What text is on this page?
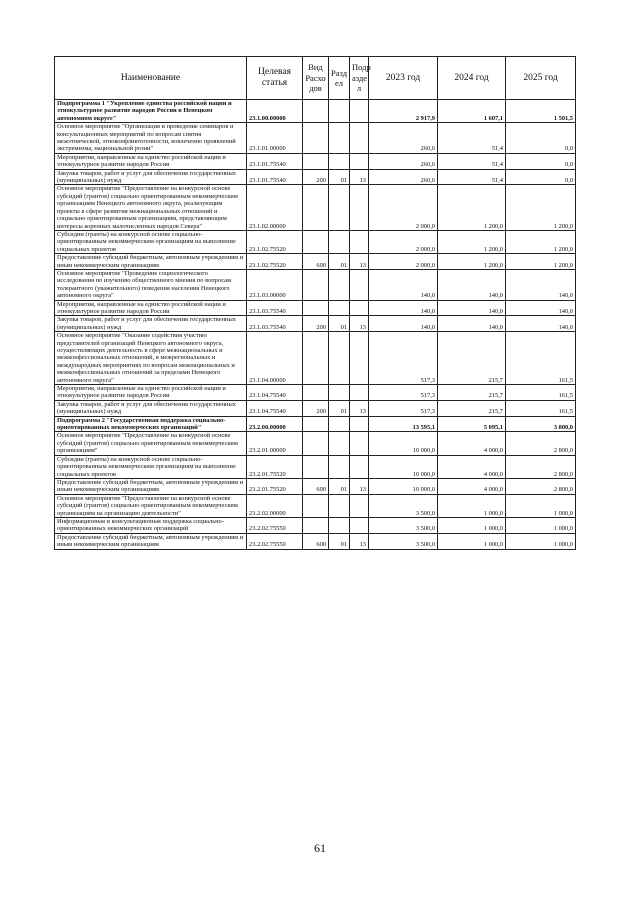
Наименование	Целевая статья	Вид Расхо дов	Разд ел	Подр азде л	2023 год	2024 год	2025 год
Подпрограмма 1 "Укрепление единства российской нации и этнокультурное развитие народов России в Ненецком автономном округе"	23.1.00.00000				2 917,9	1 607,1	1 501,5
Основное мероприятие "Организация и проведение семинаров и консультационных мероприятий по вопросам снятия межэтнической, этноконфликтогенности, вовлеченно проявлений экстремизма, национальной розни"	23.1.01.00000				260,6	51,4	0,0
Мероприятия, направленные на единство российской нации и этнокультурное развитие народов России	23.1.01.75540				260,6	51,4	0,0
Закупка товаров, работ и услуг для обеспечения государственных (муниципальных) нужд	23.1.01.75540	200	01	13	260,6	51,4	0,0
Основное мероприятие "Предоставление на конкурсной основе субсидий (грантов) социально ориентированным некоммерческим организациям Ненецкого автономного округа, реализующим проекты в сфере развития межнациональных отношений и социально ориентированным организациям, представляющим интересы коренных малочисленных народов Севера"	23.1.02.00000				2 000,0	1 200,0	1 200,0
Субсидии (гранты) на конкурсной основе социально-ориентированным некоммерческим организациям на выполнение социальных проектов	23.1.02.75520				2 000,0	1 200,0	1 200,0
Предоставление субсидий бюджетным, автономным учреждениям и иным некоммерческим организациям	23.1.02.75520	600	01	13	2 000,0	1 200,0	1 200,0
Основное мероприятие "Проведение социологического исследования по изучению общественного мнения по вопросам толерантного (уважительного) поведения населения Ненецкого автономного округа"	23.1.03.00000				140,0	140,0	140,0
Мероприятия, направленные на единство российской нации и этнокультурное развитие народов России	23.1.03.75540				140,0	140,0	140,0
Закупка товаров, работ и услуг для обеспечения государственных (муниципальных) нужд	23.1.03.75540	200	01	13	140,0	140,0	140,0
Основное мероприятие "Оказание содействия участию представителей организаций Ненецкого автономного округа, осуществляющих деятельность в сфере межнациональных и межконфессиональных отношений, в межрегиональных и международных мероприятиях по вопросам межнациональных и межконфессиональных отношений за пределами Ненецкого автономного округа"	23.1.04.00000				517,3	215,7	161,5
Мероприятия, направленные на единство российской нации и этнокультурное развитие народов России	23.1.04.75540				517,3	215,7	161,5
Закупка товаров, работ и услуг для обеспечения государственных (муниципальных) нужд	23.1.04.75540	200	01	13	517,3	215,7	161,5
Подпрограмма 2 "Государственная поддержка социально-ориентированных некоммерческих организаций"	23.2.00.00000				13 595,1	5 095,1	3 800,0
Основное мероприятие "Предоставление на конкурсной основе субсидий (грантов) социально ориентированным некоммерческим организациям"	23.2.01.00000				10 000,0	4 000,0	2 800,0
Субсидии (гранты) на конкурсной основе социально-ориентированным некоммерческим организациям на выполнение социальных проектов	23.2.01.75520				10 000,0	4 000,0	2 800,0
Предоставление субсидий бюджетным, автономным учреждениям и иным некоммерческим организациям	23.2.01.75520	600	01	13	10 000,0	4 000,0	2 800,0
Основное мероприятие "Предоставление на конкурсной основе субсидий (грантов) социально ориентированным некоммерческим организациям на организацию деятельности"	23.2.02.00000				3 500,0	1 000,0	1 000,0
Информационная и консультационная поддержка социально-ориентированных некоммерческих организаций	23.2.02.75550				3 500,0	1 000,0	1 000,0
Предоставление субсидий бюджетным, автономным учреждениям и иным некоммерческим организациям	23.2.02.75550	600	01	13	3 500,0	1 000,0	1 000,0
61
